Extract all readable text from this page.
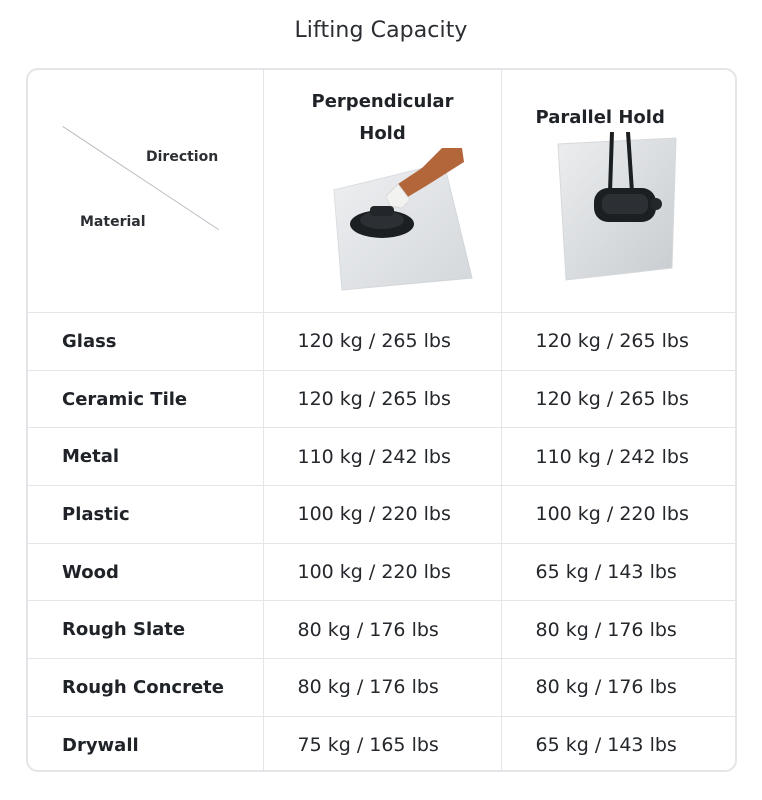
Lifting Capacity
Direction
Material	Perpendicular Hold	Parallel Hold

Glass	120 kg / 265 lbs	120 kg / 265 lbs
Ceramic Tile	120 kg / 265 lbs	120 kg / 265 lbs
Metal	110 kg / 242 lbs	110 kg / 242 lbs
Plastic	100 kg / 220 lbs	100 kg / 220 lbs
Wood	100 kg / 220 lbs	65 kg / 143 lbs
Rough Slate	80 kg / 176 lbs	80 kg / 176 lbs
Rough Concrete	80 kg / 176 lbs	80 kg / 176 lbs
Drywall	75 kg / 165 lbs	65 kg / 143 lbs
